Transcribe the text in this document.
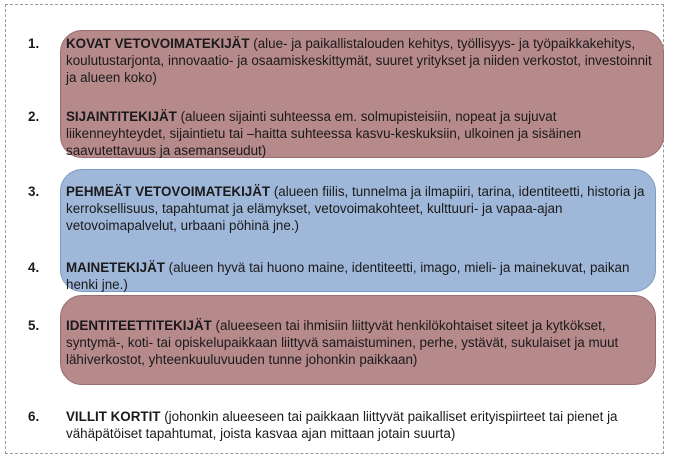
1.	KOVAT VETOVOIMATEKIJÄT (alue- ja paikallistalouden kehitys, työllisyys- ja työpaikkakehitys, koulutustarjonta, innovaatio- ja osaamiskeskittymät, suuret yritykset ja niiden verkostot, investoinnit ja alueen koko)
2.	SIJAINTITEKIJÄT (alueen sijainti suhteessa em. solmupisteisiin, nopeat ja sujuvat liikenneyhteydet, sijaintietu tai –haitta suhteessa kasvu-keskuksiin, ulkoinen ja sisäinen saavutettavuus ja asemanseudut)
3.	PEHMEÄT VETOVOIMATEKIJÄT (alueen fiilis, tunnelma ja ilmapiiri, tarina, identiteetti, historia ja kerroksellisuus, tapahtumat ja elämykset, vetovoimakohteet, kulttuuri- ja vapaa-ajan vetovoimapalvelut, urbaani pöhinä jne.)
4.	MAINETEKIJÄT (alueen hyvä tai huono maine, identiteetti, imago, mieli- ja mainekuvat, paikan henki jne.)
5.	IDENTITEETTITEKIJÄT (alueeseen tai ihmisiin liittyvät henkilökohtaiset siteet ja kytkökset, syntymä-, koti- tai opiskelupaikkaan liittyvä samaistuminen, perhe, ystävät, sukulaiset ja muut lähiverkostot, yhteenkuuluvuuden tunne johonkin paikkaan)
6.	VILLIT KORTIT (johonkin alueeseen tai paikkaan liittyvät paikalliset erityispiirteet tai pienet ja vähäpätöiset tapahtumat, joista kasvaa ajan mittaan jotain suurta)
